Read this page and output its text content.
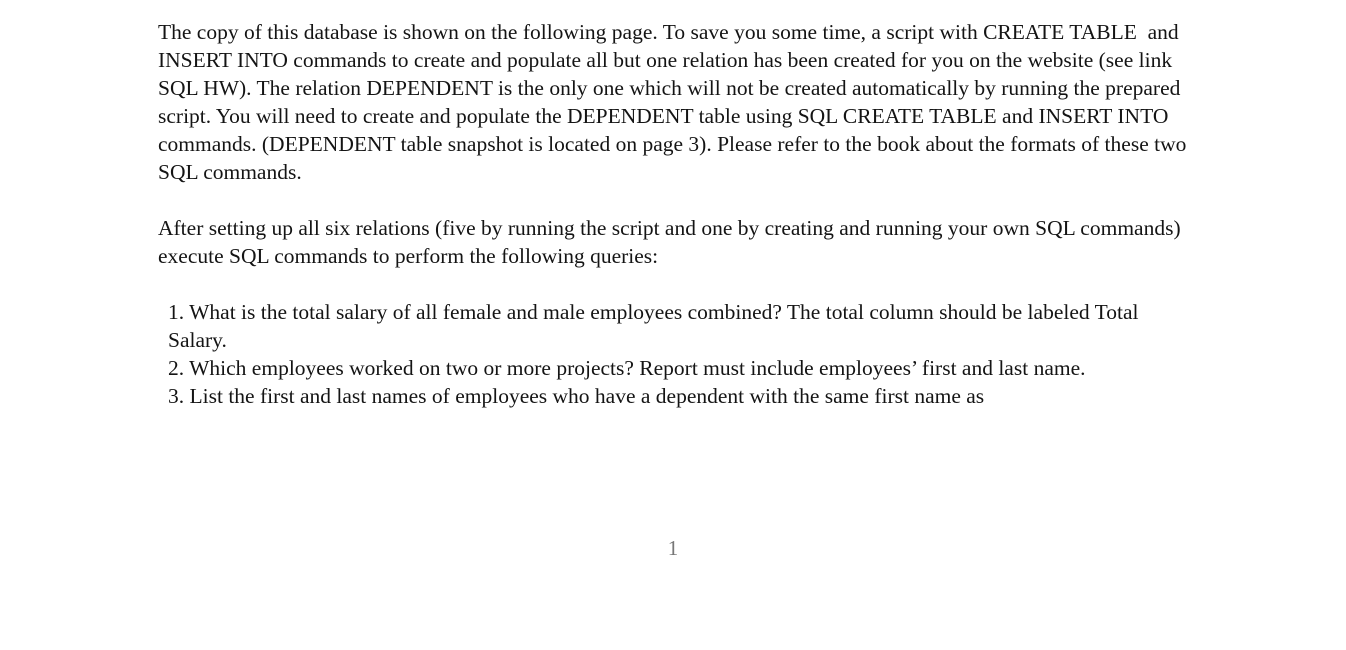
The copy of this database is shown on the following page. To save you some time, a script with CREATE TABLE  and INSERT INTO commands to create and populate all but one relation has been created for you on the website (see link SQL HW). The relation DEPENDENT is the only one which will not be created automatically by running the prepared script. You will need to create and populate the DEPENDENT table using SQL CREATE TABLE and INSERT INTO commands. (DEPENDENT table snapshot is located on page 3). Please refer to the book about the formats of these two SQL commands.

After setting up all six relations (five by running the script and one by creating and running your own SQL commands) execute SQL commands to perform the following queries:

1. What is the total salary of all female and male employees combined? The total column should be labeled Total Salary.
2. Which employees worked on two or more projects? Report must include employees’ first and last name.
3. List the first and last names of employees who have a dependent with the same first name as
1
